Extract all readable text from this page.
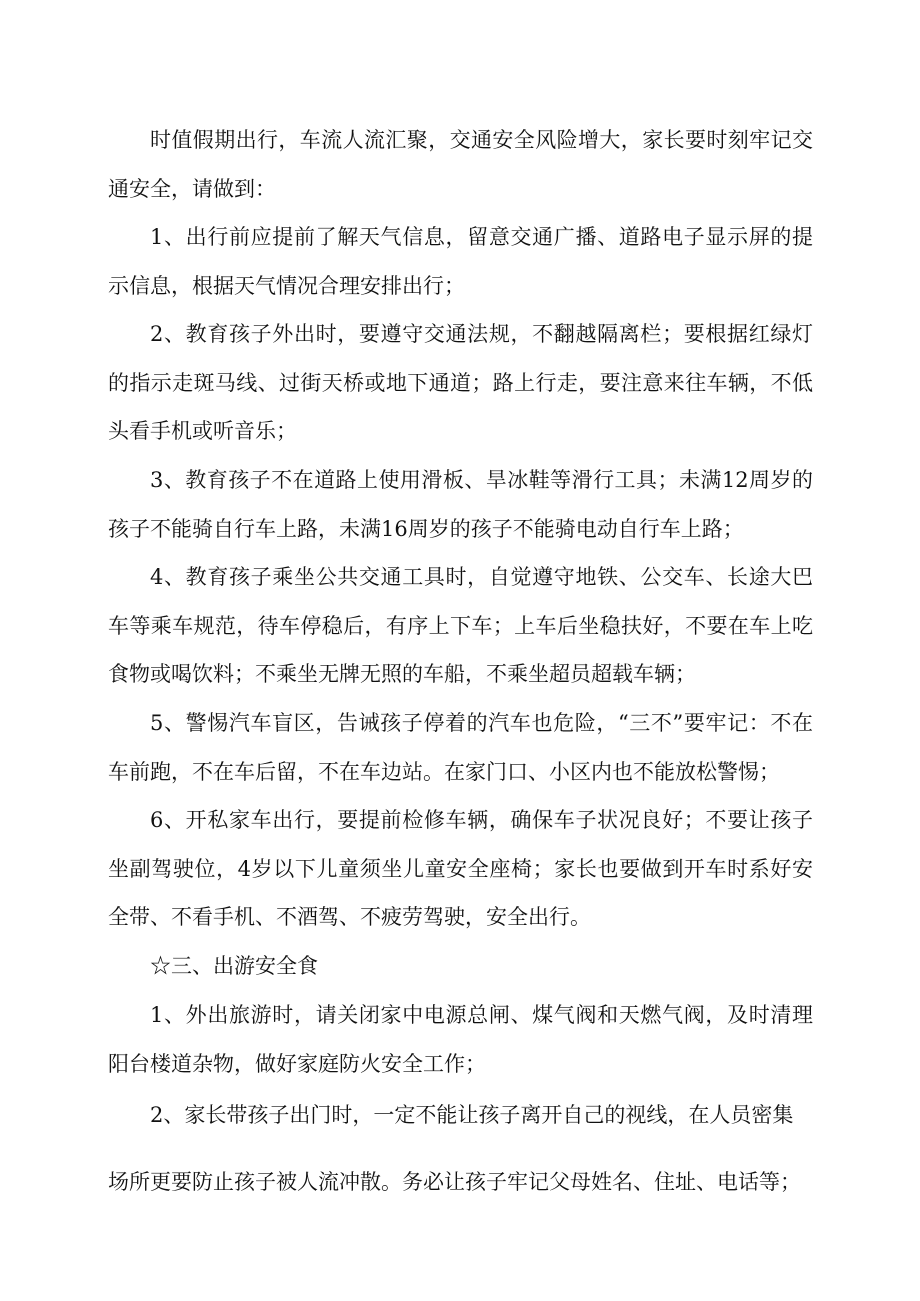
时值假期出行，车流人流汇聚，交通安全风险增大，家长要时刻牢记交通安全，请做到：

1、出行前应提前了解天气信息，留意交通广播、道路电子显示屏的提示信息，根据天气情况合理安排出行；

2、教育孩子外出时，要遵守交通法规，不翻越隔离栏；要根据红绿灯的指示走斑马线、过街天桥或地下通道；路上行走，要注意来往车辆，不低头看手机或听音乐；

3、教育孩子不在道路上使用滑板、旱冰鞋等滑行工具；未满12周岁的孩子不能骑自行车上路，未满16周岁的孩子不能骑电动自行车上路；

4、教育孩子乘坐公共交通工具时，自觉遵守地铁、公交车、长途大巴车等乘车规范，待车停稳后，有序上下车；上车后坐稳扶好，不要在车上吃食物或喝饮料；不乘坐无牌无照的车船，不乘坐超员超载车辆；

5、警惕汽车盲区，告诫孩子停着的汽车也危险，“三不”要牢记：不在车前跑，不在车后留，不在车边站。在家门口、小区内也不能放松警惕；

6、开私家车出行，要提前检修车辆，确保车子状况良好；不要让孩子坐副驾驶位，4岁以下儿童须坐儿童安全座椅；家长也要做到开车时系好安全带、不看手机、不酒驾、不疲劳驾驶，安全出行。

☆三、出游安全食

1、外出旅游时，请关闭家中电源总闸、煤气阀和天燃气阀，及时清理阳台楼道杂物，做好家庭防火安全工作；

2、家长带孩子出门时，一定不能让孩子离开自己的视线，在人员密集

场所更要防止孩子被人流冲散。务必让孩子牢记父母姓名、住址、电话等；
